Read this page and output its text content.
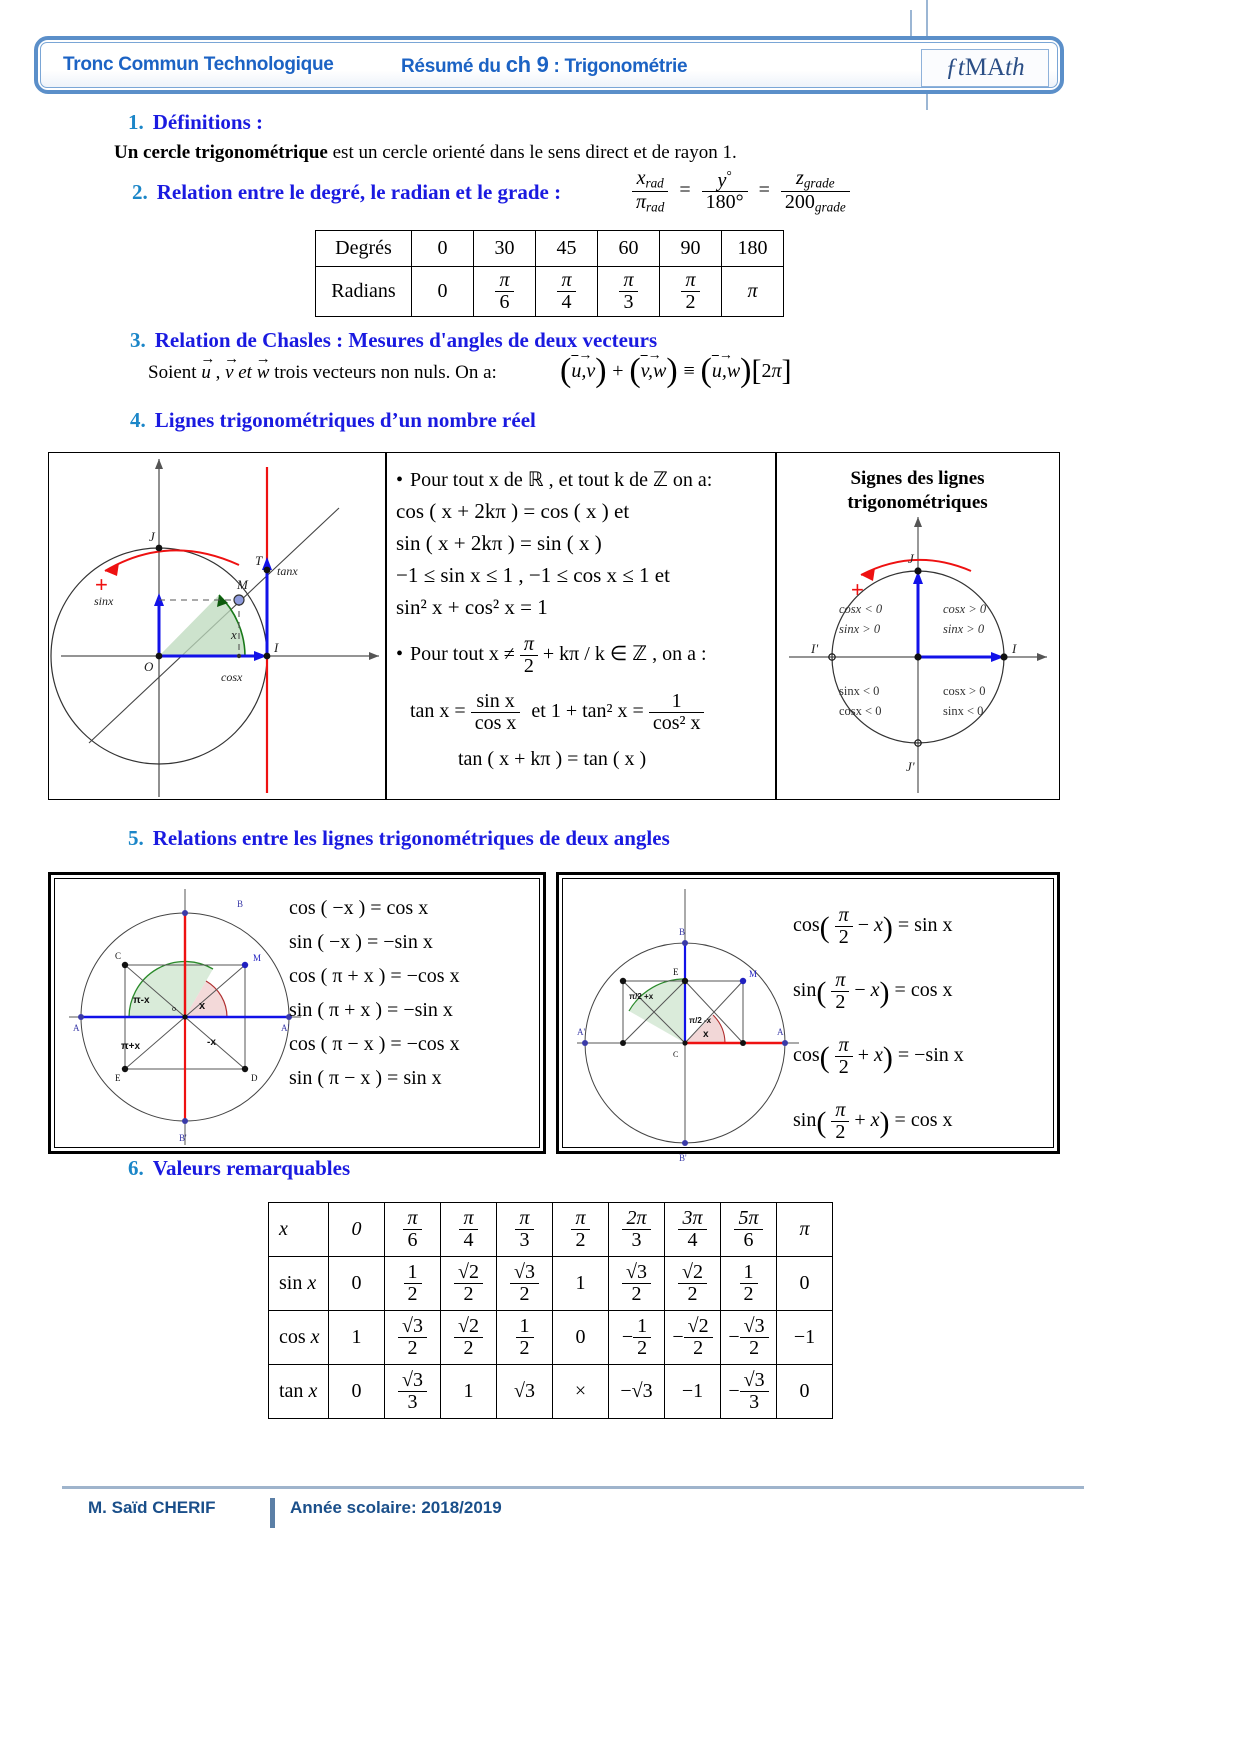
Tronc Commun Technologique	Résumé du ch 9 : Trigonométrie	ƒtMAth
1. Définitions :
Un cercle trigonométrique est un cercle orienté dans le sens direct et de rayon 1.
2. Relation entre le degré, le radian et le grade :	$\frac{x_{rad}}{\pi_{rad}} = \frac{y^\circ}{180^\circ} = \frac{z_{grade}}{200_{grade}}$
Degrés	0	30	45	60	90	180
Radians	0	$\frac{\pi}{6}$	$\frac{\pi}{4}$	$\frac{\pi}{3}$	$\frac{\pi}{2}$	π
3. Relation de Chasles : Mesures d'angles de deux vecteurs
Soient u
→
, v
→
et w
→
trois vecteurs non nuls. On a: (u,v
⎯→ ) + (v,w
⎯→ ) ≡ (u,w
⎯→ )[2π]
4. Lignes trigonométriques d’un nombre réel
+
O
I
J
M
T
tanx
sinx
cosx
x
• Pour tout x de ℝ , et tout k de ℤ on a:
cos ( x + 2kπ ) = cos ( x ) et
sin ( x + 2kπ ) = sin ( x )
−1 ≤ sin x ≤ 1 , −1 ≤ cos x ≤ 1 et
sin² x + cos² x = 1
• Pour tout $x \ne \frac{\pi}{2} + k\pi / k$ ∈ ℤ , on a :
$\tan x = \frac{\text{sin x}}{\text{cos x}}$ et 1 + tan² $x = \frac{1}{\text{cos² x}}$
tan ( x + kπ ) = tan ( x )
Signes des lignes
trigonométriques
+
J
I
I'
J'
cosx < 0
sinx > 0
cosx > 0
sinx > 0
sinx < 0
cosx < 0
cosx > 0
sinx < 0
5. Relations entre les lignes trigonométriques de deux angles
B
B'
C	M
E	D
A	A'
π-x
π+x	-x
x
o
cos ( −x ) = cos x
sin ( −x ) = −sin x
cos ( π + x ) = −cos x
sin ( π + x ) = −sin x
cos ( π − x ) = −cos x
sin ( π − x ) = sin x
B
B'
E	M
A
A'
C
x
π/2 +x
π/2 -x
$\cos( \frac{\pi}{2} - x) = \sin x$
$\sin( \frac{\pi}{2} - x) = \cos x$
$\cos( \frac{\pi}{2} + x) = -\sin$ x
$\sin( \frac{\pi}{2} + x) = \cos x$
6. Valeurs remarquables
x	0	$\frac{\pi}{6}$	$\frac{\pi}{4}$	$\frac{\pi}{3}$	$\frac{\pi}{2}$	$\frac{2\pi}{3}$	$\frac{3\pi}{4}$	$\frac{5\pi}{6}$	π
sin x	0	$\frac{1}{2}$	$\frac{√2}{2}$	$\frac{√3}{2}$	1	$\frac{√3}{2}$	$\frac{√2}{2}$	$\frac{1}{2}$	0
cos x	1	$\frac{√3}{2}$	$\frac{√2}{2}$	$\frac{1}{2}$	0	− $\frac{1}{2}$	− $\frac{√2}{2}$	− $\frac{√3}{2}$	−1
tan x	0	$\frac{√3}{3}$	1	√3	×	−√3	−1	− $\frac{√3}{3}$	0
M. Saïd CHERIF	Année scolaire: 2018/2019
